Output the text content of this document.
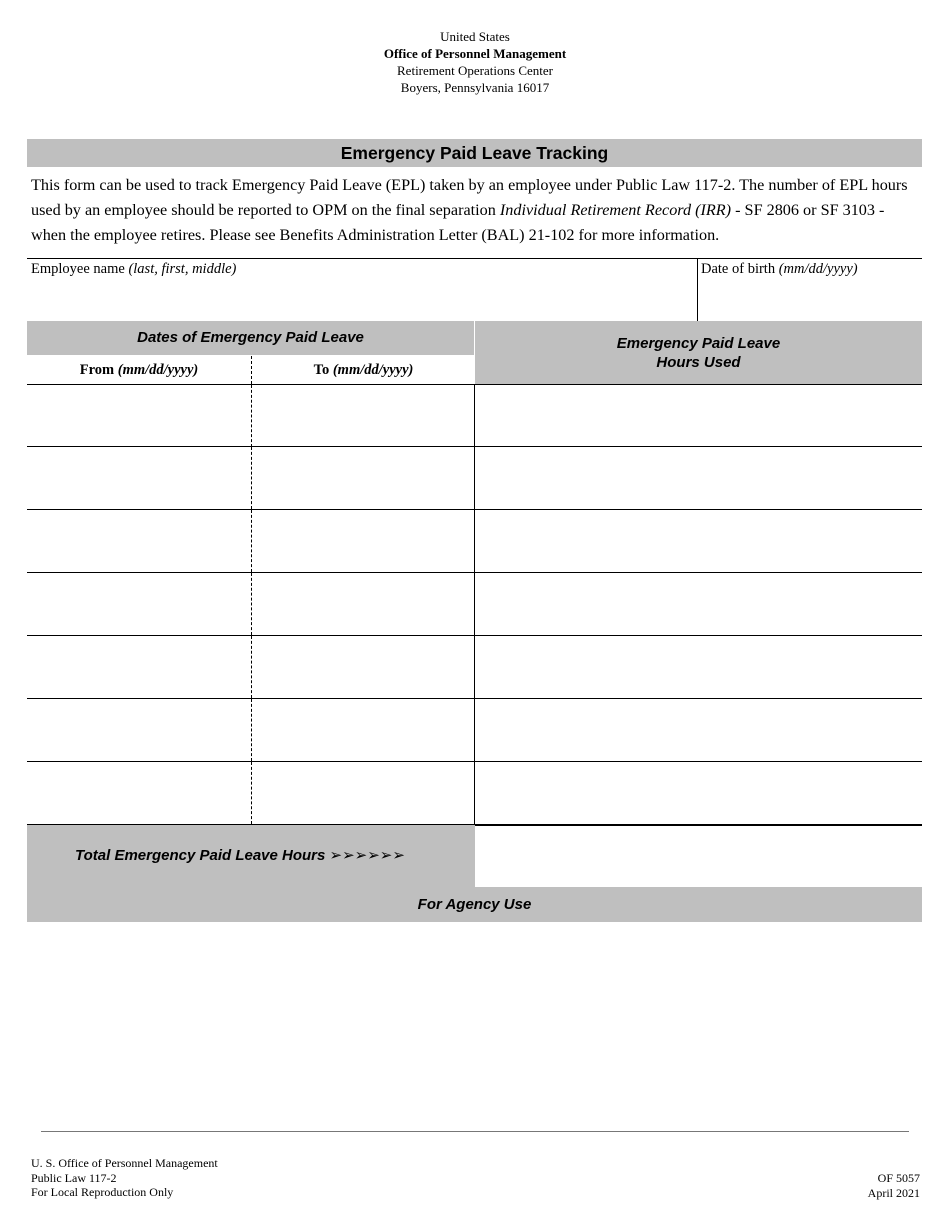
United States
Office of Personnel Management
Retirement Operations Center
Boyers, Pennsylvania 16017
Emergency Paid Leave Tracking
This form can be used to track Emergency Paid Leave (EPL) taken by an employee under Public Law 117-2. The number of EPL hours used by an employee should be reported to OPM on the final separation Individual Retirement Record (IRR) - SF 2806 or SF 3103 - when the employee retires. Please see Benefits Administration Letter (BAL) 21-102 for more information.
Employee name (last, first, middle)	Date of birth (mm/dd/yyyy)
Dates of Emergency Paid Leave	Emergency Paid Leave
Hours Used
From (mm/dd/yyyy)	To (mm/dd/yyyy)
Total Emergency Paid Leave Hours ➢➢➢➢➢➢
For Agency Use
U. S. Office of Personnel Management
Public Law 117-2
For Local Reproduction Only
OF 5057
April 2021
